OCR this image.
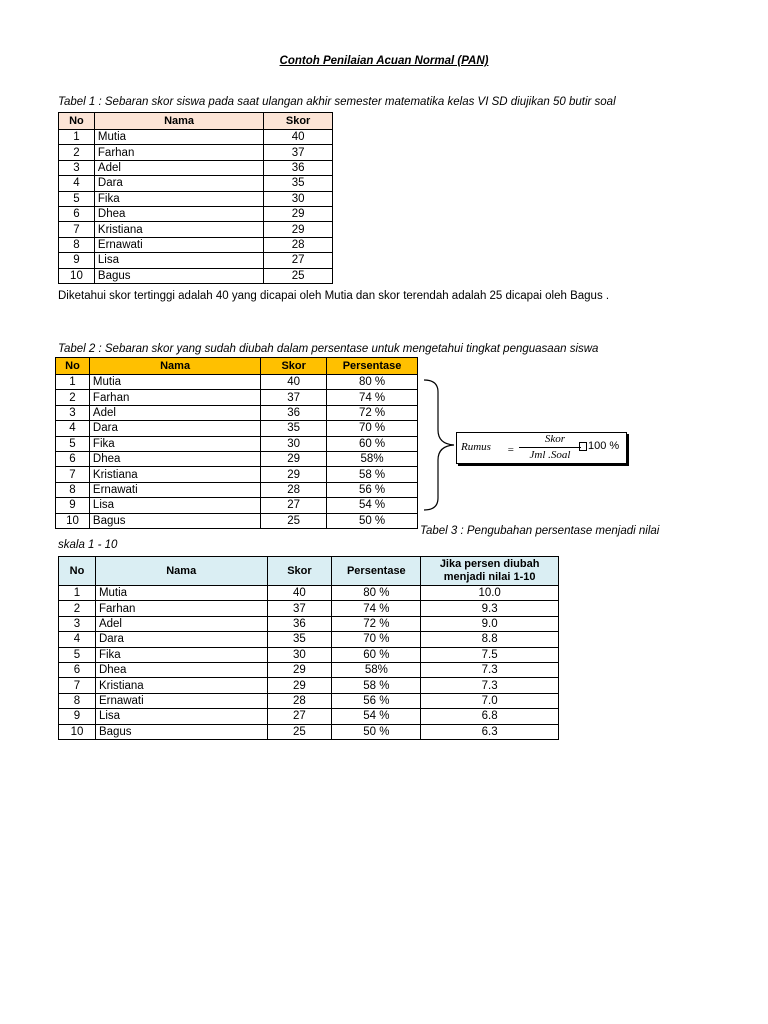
Contoh Penilaian Acuan Normal (PAN)
Tabel 1 : Sebaran skor siswa pada saat ulangan akhir semester matematika kelas VI SD diujikan 50 butir soal
No	Nama	Skor
1	Mutia	40
2	Farhan	37
3	Adel	36
4	Dara	35
5	Fika	30
6	Dhea	29
7	Kristiana	29
8	Ernawati	28
9	Lisa	27
10	Bagus	25
Diketahui skor tertinggi adalah 40 yang dicapai oleh Mutia dan skor terendah adalah 25 dicapai oleh Bagus .
Tabel 2 : Sebaran skor yang sudah diubah dalam persentase untuk mengetahui tingkat penguasaan siswa
No	Nama	Skor	Persentase
1	Mutia	40	80 %
2	Farhan	37	74 %
3	Adel	36	72 %
4	Dara	35	70 %
5	Fika	30	60 %
6	Dhea	29	58%
7	Kristiana	29	58 %
8	Ernawati	28	56 %
9	Lisa	27	54 %
10	Bagus	25	50 %
Rumus =
Skor
Jml .Soal
100 %
Tabel 3 : Pengubahan persentase menjadi nilai
skala 1 - 10
No	Nama	Skor	Persentase	Jika persen diubah menjadi nilai 1-10
1	Mutia	40	80 %	10.0
2	Farhan	37	74 %	9.3
3	Adel	36	72 %	9.0
4	Dara	35	70 %	8.8
5	Fika	30	60 %	7.5
6	Dhea	29	58%	7.3
7	Kristiana	29	58 %	7.3
8	Ernawati	28	56 %	7.0
9	Lisa	27	54 %	6.8
10	Bagus	25	50 %	6.3
